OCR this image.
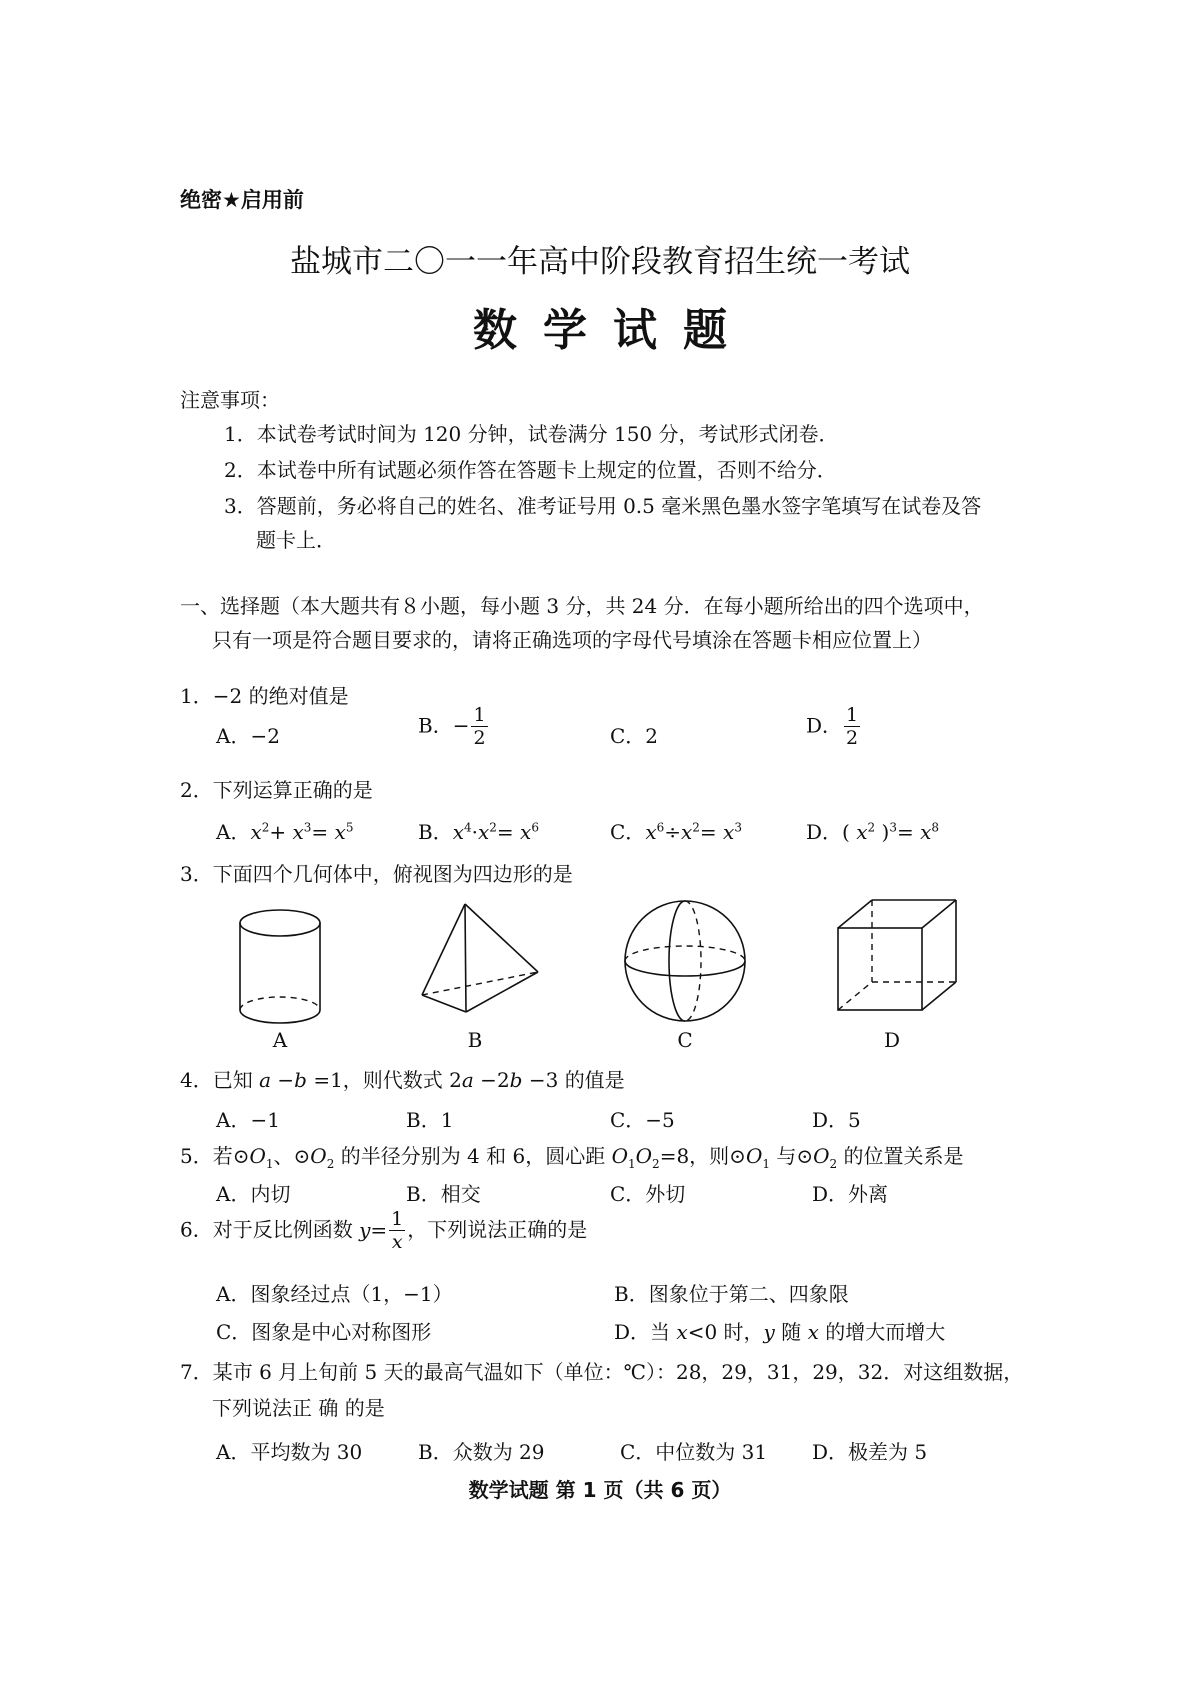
绝密★启用前
盐城市二〇一一年高中阶段教育招生统一考试
数学试题
注意事项：
1．本试卷考试时间为 120 分钟，试卷满分 150 分，考试形式闭卷．
2．本试卷中所有试题必须作答在答题卡上规定的位置，否则不给分．
3．答题前，务必将自己的姓名、准考证号用 0.5 毫米黑色墨水签字笔填写在试卷及答
题卡上．
一、选择题（本大题共有８小题，每小题 3 分，共 24 分．在每小题所给出的四个选项中，
只有一项是符合题目要求的，请将正确选项的字母代号填涂在答题卡相应位置上）
1．−2 的绝对值是
A．−2	B．− $\frac{1}{2}$	C．2	D． $\frac{1}{2}$
2．下列运算正确的是
A．$x^2+ x^3= x^5$	B．$x^4\cdot x^2= x^6$	C．$x^6\div x^2= x^3$	D．( $x^2$ )$^3= x^8$
3．下面四个几何体中，俯视图为四边形的是
A	B	C	D
4．已知 a −b =1，则代数式 2a −2b −3 的值是
A．−1	B．1	C．−5	D．5
5．若$⊙O_1$、$⊙O_2$ 的半径分别为 4 和 6，圆心距 $O_1O_2=8$，则$⊙O_1$ 与$⊙O_2$ 的位置关系是
A．内切	B．相交	C．外切	D．外离
6．对于反比例函数 $y= \frac{1}{x}$ ，下列说法正确的是
A．图象经过点（1，−1）	B．图象位于第二、四象限
C．图象是中心对称图形	D．当 x<0 时，y 随 x 的增大而增大
7．某市 6 月上旬前 5 天的最高气温如下（单位：℃）：28，29，31，29，32．对这组数据，
下列说法正 确 的是
A．平均数为 30	B．众数为 29	C．中位数为 31 D．极差为 5
数学试题 第 1 页（共 6 页）
